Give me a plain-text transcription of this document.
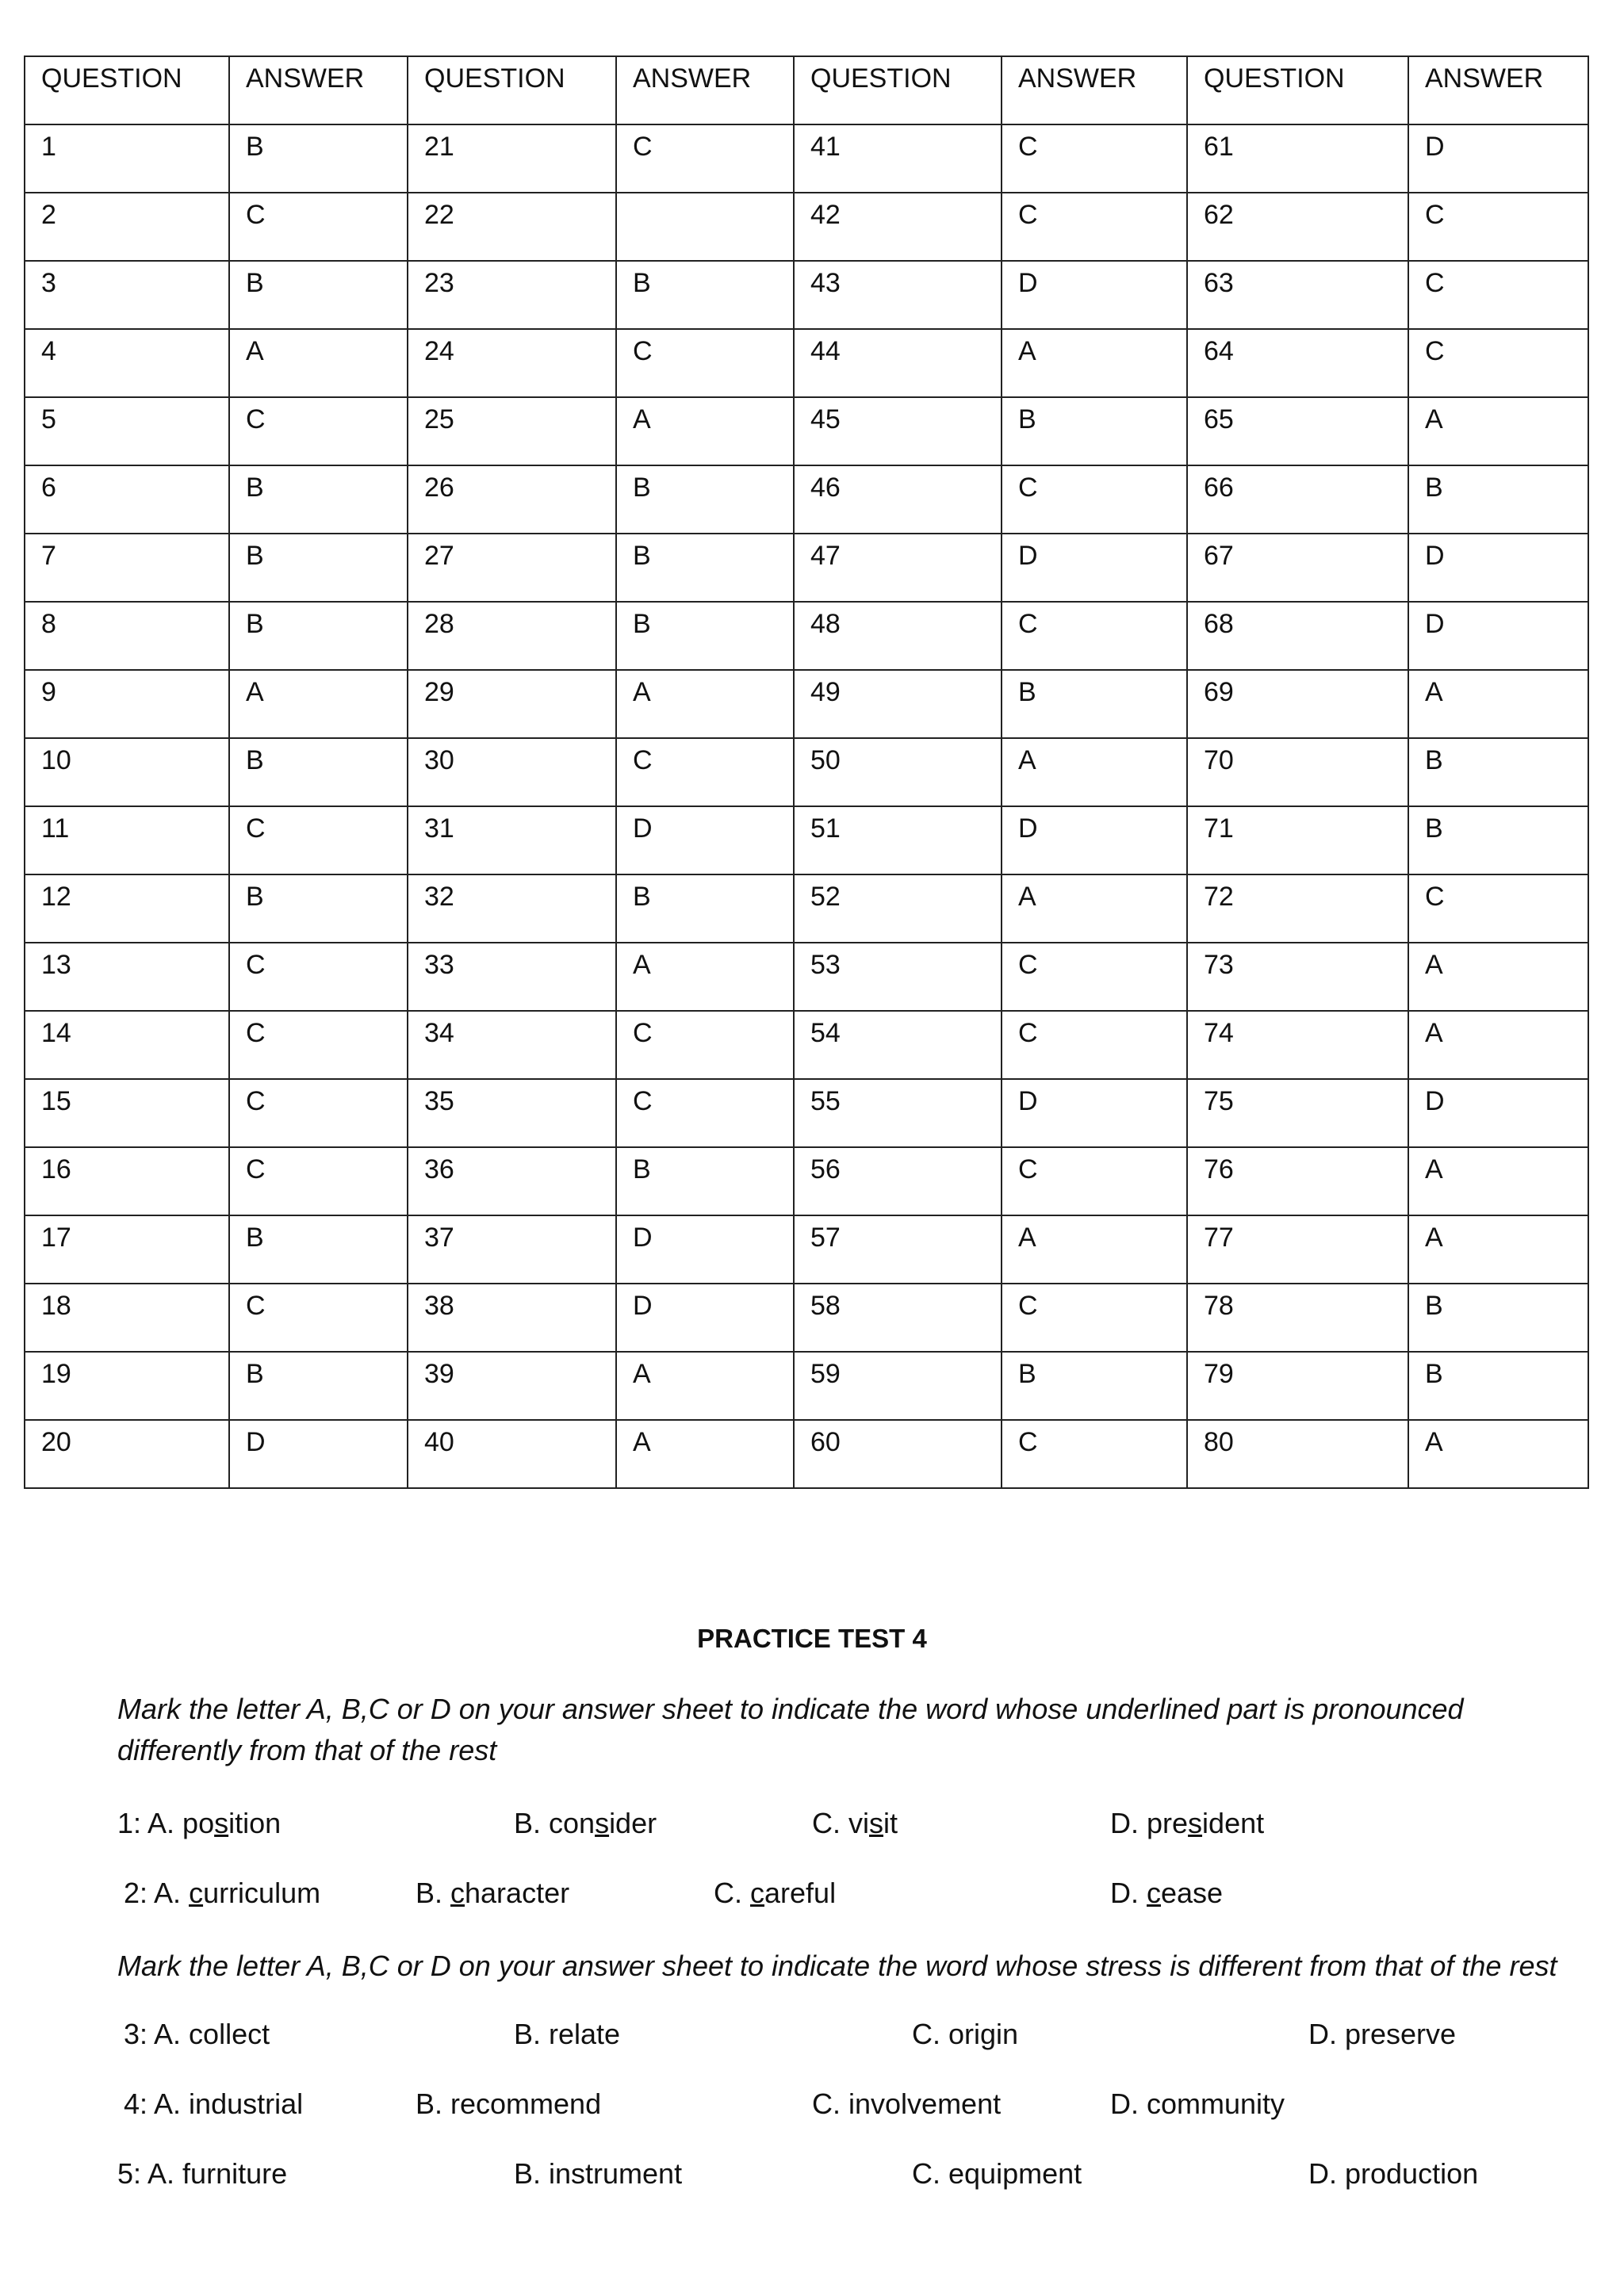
QUESTION	ANSWER	QUESTION	ANSWER	QUESTION	ANSWER	QUESTION	ANSWER
1	B	21	C	41	C	61	D
2	C	22		42	C	62	C
3	B	23	B	43	D	63	C
4	A	24	C	44	A	64	C
5	C	25	A	45	B	65	A
6	B	26	B	46	C	66	B
7	B	27	B	47	D	67	D
8	B	28	B	48	C	68	D
9	A	29	A	49	B	69	A
10	B	30	C	50	A	70	B
11	C	31	D	51	D	71	B
12	B	32	B	52	A	72	C
13	C	33	A	53	C	73	A
14	C	34	C	54	C	74	A
15	C	35	C	55	D	75	D
16	C	36	B	56	C	76	A
17	B	37	D	57	A	77	A
18	C	38	D	58	C	78	B
19	B	39	A	59	B	79	B
20	D	40	A	60	C	80	A
PRACTICE TEST 4
Mark the letter A, B,C or D on your answer sheet to indicate the word whose underlined part is pronounced differently from that of the rest
1: A. position	B. consider	C. visit	D. president
2: A. curriculum	B. character	C. careful	D. cease
Mark the letter A, B,C or D on your answer sheet to indicate the word whose stress is different from that of the rest
3: A. collect	B. relate	C. origin	D. preserve
4: A. industrial	B. recommend	C. involvement	D. community
5: A. furniture	B. instrument	C. equipment	D. production
